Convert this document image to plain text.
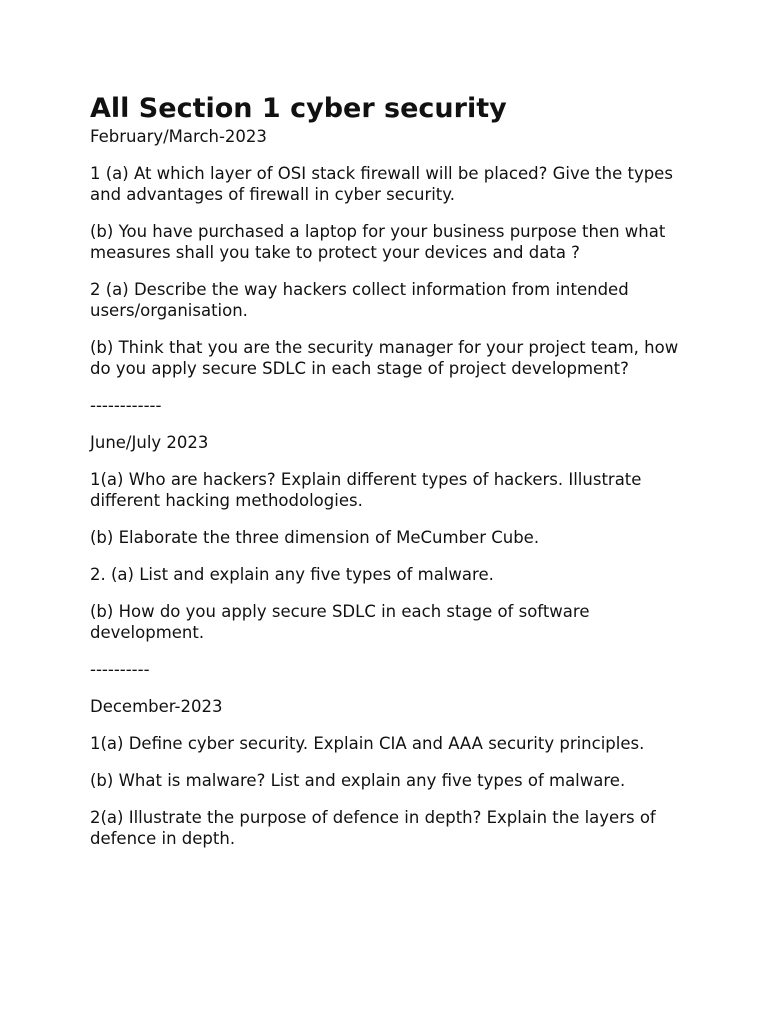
All Section 1 cyber security

February/March-2023

1 (a) At which layer of OSI stack firewall will be placed? Give the types and advantages of firewall in cyber security.

(b) You have purchased a laptop for your business purpose then what measures shall you take to protect your devices and data ?

2 (a) Describe the way hackers collect information from intended users/organisation.

(b) Think that you are the security manager for your project team, how do you apply secure SDLC in each stage of project development?

------------

June/July 2023

1(a) Who are hackers? Explain different types of hackers. Illustrate different hacking methodologies.

(b) Elaborate the three dimension of MeCumber Cube.

2. (a) List and explain any five types of malware.

(b) How do you apply secure SDLC in each stage of software development.

----------

December-2023

1(a) Define cyber security. Explain CIA and AAA security principles.

(b) What is malware? List and explain any five types of malware.

2(a) Illustrate the purpose of defence in depth? Explain the layers of defence in depth.
